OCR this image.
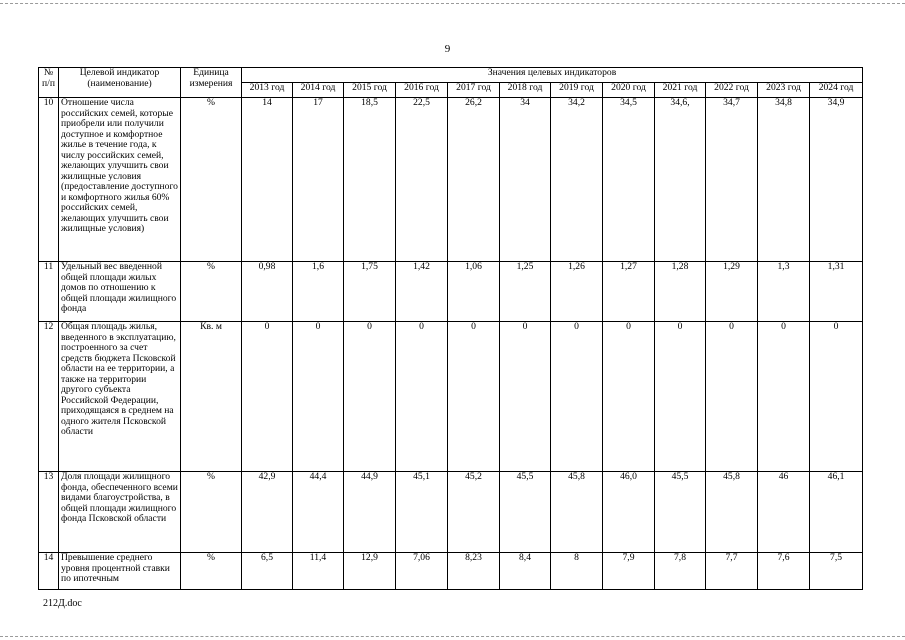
9
№ п/п	Целевой индикатор (наименование)	Единица измерения	Значения целевых индикаторов											
			2013 год	2014 год	2015 год	2016 год	2017 год	2018 год	2019 год	2020 год	2021 год	2022 год	2023 год	2024 год
10	Отношение числа российских семей, которые приобрели или получили доступное и комфортное жилье в течение года, к числу российских семей, желающих улучшить свои жилищные условия (предоставление доступного и комфортного жилья 60% российских семей, желающих улучшить свои жилищные условия)	%	14	17	18,5	22,5	26,2	34	34,2	34,5	34,6,	34,7	34,8	34,9
11	Удельный вес введенной общей площади жилых домов по отношению к общей площади жилищного фонда	%	0,98	1,6	1,75	1,42	1,06	1,25	1,26	1,27	1,28	1,29	1,3	1,31
12	Общая площадь жилья, введенного в эксплуатацию, построенного за счет средств бюджета Псковской области на ее территории, а также на территории другого субъекта Российской Федерации, приходящаяся в среднем на одного жителя Псковской области	Кв. м	0	0	0	0	0	0	0	0	0	0	0	0
13	Доля площади жилищного фонда, обеспеченного всеми видами благоустройства, в общей площади жилищного фонда Псковской области	%	42,9	44,4	44,9	45,1	45,2	45,5	45,8	46,0	45,5	45,8	46	46,1
14	Превышение среднего уровня процентной ставки по ипотечным	%	6,5	11,4	12,9	7,06	8,23	8,4	8	7,9	7,8	7,7	7,6	7,5
212Д.doc
